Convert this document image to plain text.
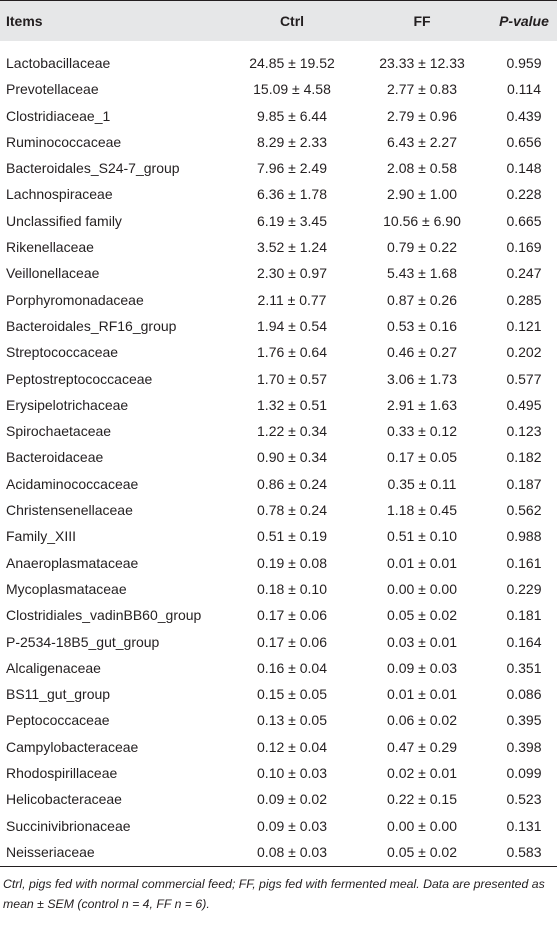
Items	Ctrl	FF	P-value
Lactobacillaceae	24.85 ± 19.52	23.33 ± 12.33	0.959
Prevotellaceae	15.09 ± 4.58	2.77 ± 0.83	0.114
Clostridiaceae_1	9.85 ± 6.44	2.79 ± 0.96	0.439
Ruminococcaceae	8.29 ± 2.33	6.43 ± 2.27	0.656
Bacteroidales_S24-7_group	7.96 ± 2.49	2.08 ± 0.58	0.148
Lachnospiraceae	6.36 ± 1.78	2.90 ± 1.00	0.228
Unclassified family	6.19 ± 3.45	10.56 ± 6.90	0.665
Rikenellaceae	3.52 ± 1.24	0.79 ± 0.22	0.169
Veillonellaceae	2.30 ± 0.97	5.43 ± 1.68	0.247
Porphyromonadaceae	2.11 ± 0.77	0.87 ± 0.26	0.285
Bacteroidales_RF16_group	1.94 ± 0.54	0.53 ± 0.16	0.121
Streptococcaceae	1.76 ± 0.64	0.46 ± 0.27	0.202
Peptostreptococcaceae	1.70 ± 0.57	3.06 ± 1.73	0.577
Erysipelotrichaceae	1.32 ± 0.51	2.91 ± 1.63	0.495
Spirochaetaceae	1.22 ± 0.34	0.33 ± 0.12	0.123
Bacteroidaceae	0.90 ± 0.34	0.17 ± 0.05	0.182
Acidaminococcaceae	0.86 ± 0.24	0.35 ± 0.11	0.187
Christensenellaceae	0.78 ± 0.24	1.18 ± 0.45	0.562
Family_XIII	0.51 ± 0.19	0.51 ± 0.10	0.988
Anaeroplasmataceae	0.19 ± 0.08	0.01 ± 0.01	0.161
Mycoplasmataceae	0.18 ± 0.10	0.00 ± 0.00	0.229
Clostridiales_vadinBB60_group	0.17 ± 0.06	0.05 ± 0.02	0.181
P-2534-18B5_gut_group	0.17 ± 0.06	0.03 ± 0.01	0.164
Alcaligenaceae	0.16 ± 0.04	0.09 ± 0.03	0.351
BS11_gut_group	0.15 ± 0.05	0.01 ± 0.01	0.086
Peptococcaceae	0.13 ± 0.05	0.06 ± 0.02	0.395
Campylobacteraceae	0.12 ± 0.04	0.47 ± 0.29	0.398
Rhodospirillaceae	0.10 ± 0.03	0.02 ± 0.01	0.099
Helicobacteraceae	0.09 ± 0.02	0.22 ± 0.15	0.523
Succinivibrionaceae	0.09 ± 0.03	0.00 ± 0.00	0.131
Neisseriaceae	0.08 ± 0.03	0.05 ± 0.02	0.583
Ctrl, pigs fed with normal commercial feed; FF, pigs fed with fermented meal. Data are presented as mean ± SEM (control n = 4, FF n = 6).
